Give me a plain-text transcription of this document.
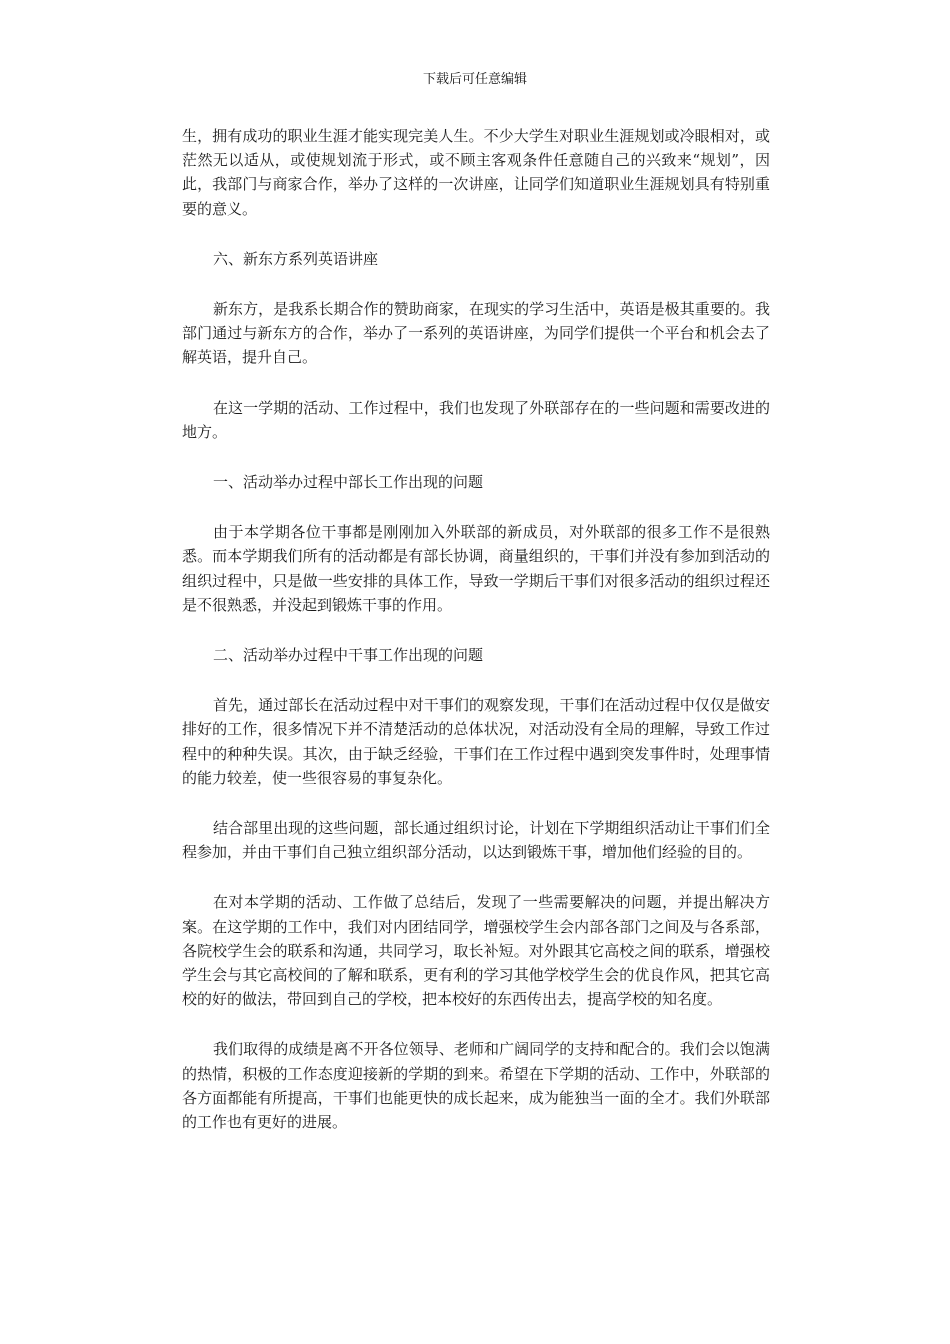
下载后可任意编辑

生，拥有成功的职业生涯才能实现完美人生。不少大学生对职业生涯规划或冷眼相对，或茫然无以适从，或使规划流于形式，或不顾主客观条件任意随自己的兴致来“规划”，因此，我部门与商家合作，举办了这样的一次讲座，让同学们知道职业生涯规划具有特别重要的意义。

六、新东方系列英语讲座

新东方，是我系长期合作的赞助商家，在现实的学习生活中，英语是极其重要的。我部门通过与新东方的合作，举办了一系列的英语讲座，为同学们提供一个平台和机会去了解英语，提升自己。

在这一学期的活动、工作过程中，我们也发现了外联部存在的一些问题和需要改进的地方。

一、活动举办过程中部长工作出现的问题

由于本学期各位干事都是刚刚加入外联部的新成员，对外联部的很多工作不是很熟悉。而本学期我们所有的活动都是有部长协调，商量组织的，干事们并没有参加到活动的组织过程中，只是做一些安排的具体工作，导致一学期后干事们对很多活动的组织过程还是不很熟悉，并没起到锻炼干事的作用。

二、活动举办过程中干事工作出现的问题

首先，通过部长在活动过程中对干事们的观察发现，干事们在活动过程中仅仅是做安排好的工作，很多情况下并不清楚活动的总体状况，对活动没有全局的理解，导致工作过程中的种种失误。其次，由于缺乏经验，干事们在工作过程中遇到突发事件时，处理事情的能力较差，使一些很容易的事复杂化。

结合部里出现的这些问题，部长通过组织讨论，计划在下学期组织活动让干事们们全程参加，并由干事们自己独立组织部分活动，以达到锻炼干事，增加他们经验的目的。

在对本学期的活动、工作做了总结后，发现了一些需要解决的问题，并提出解决方案。在这学期的工作中，我们对内团结同学，增强校学生会内部各部门之间及与各系部，各院校学生会的联系和沟通，共同学习，取长补短。对外跟其它高校之间的联系，增强校学生会与其它高校间的了解和联系，更有利的学习其他学校学生会的优良作风，把其它高校的好的做法，带回到自己的学校，把本校好的东西传出去，提高学校的知名度。

我们取得的成绩是离不开各位领导、老师和广阔同学的支持和配合的。我们会以饱满的热情，积极的工作态度迎接新的学期的到来。希望在下学期的活动、工作中，外联部的各方面都能有所提高，干事们也能更快的成长起来，成为能独当一面的全才。我们外联部的工作也有更好的进展。
